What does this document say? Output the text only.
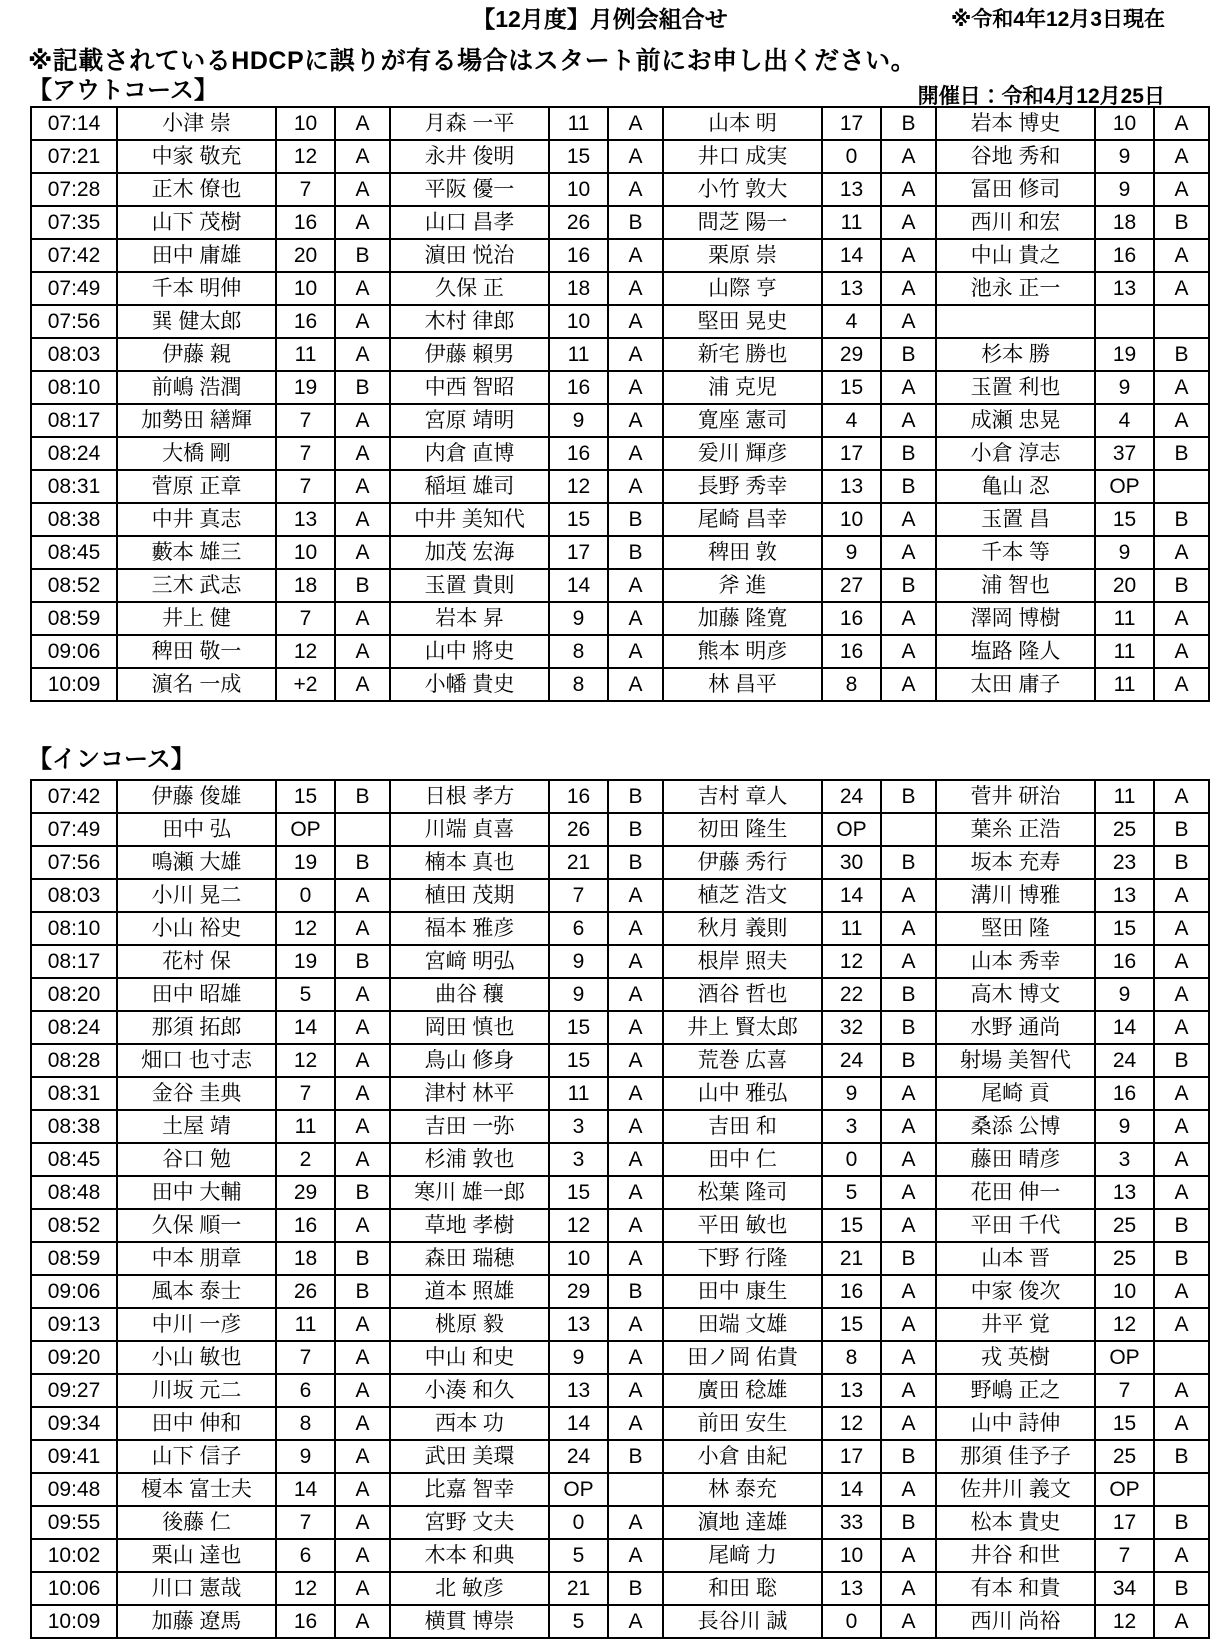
【12月度】月例会組合せ	※令和4年12月3日現在
※記載されているHDCPに誤りが有る場合はスタート前にお申し出ください。
【アウトコース】	開催日：令和4月12月25日
07:14	小津 崇	10	A	月森 一平	11	A	山本 明	17	B	岩本 博史	10	A
07:21	中家 敬充	12	A	永井 俊明	15	A	井口 成実	0	A	谷地 秀和	9	A
07:28	正木 僚也	7	A	平阪 優一	10	A	小竹 敦大	13	A	冨田 修司	9	A
07:35	山下 茂樹	16	A	山口 昌孝	26	B	問芝 陽一	11	A	西川 和宏	18	B
07:42	田中 庸雄	20	B	濵田 悦治	16	A	栗原 崇	14	A	中山 貴之	16	A
07:49	千本 明伸	10	A	久保 正	18	A	山際 亨	13	A	池永 正一	13	A
07:56	巽 健太郎	16	A	木村 律郎	10	A	堅田 晃史	4	A			
08:03	伊藤 親	11	A	伊藤 賴男	11	A	新宅 勝也	29	B	杉本 勝	19	B
08:10	前嶋 浩潤	19	B	中西 智昭	16	A	浦 克児	15	A	玉置 利也	9	A
08:17	加勢田 繕輝	7	A	宮原 靖明	9	A	寛座 憲司	4	A	成瀬 忠晃	4	A
08:24	大橋 剛	7	A	内倉 直博	16	A	爰川 輝彦	17	B	小倉 淳志	37	B
08:31	菅原 正章	7	A	稲垣 雄司	12	A	長野 秀幸	13	B	亀山 忍	OP	
08:38	中井 真志	13	A	中井 美知代	15	B	尾崎 昌幸	10	A	玉置 昌	15	B
08:45	藪本 雄三	10	A	加茂 宏海	17	B	稗田 敦	9	A	千本 等	9	A
08:52	三木 武志	18	B	玉置 貴則	14	A	斧 進	27	B	浦 智也	20	B
08:59	井上 健	7	A	岩本 昇	9	A	加藤 隆寛	16	A	澤岡 博樹	11	A
09:06	稗田 敬一	12	A	山中 將史	8	A	熊本 明彦	16	A	塩路 隆人	11	A
10:09	濵名 一成	+2	A	小幡 貴史	8	A	林 昌平	8	A	太田 庸子	11	A
【インコース】
07:42	伊藤 俊雄	15	B	日根 孝方	16	B	吉村 章人	24	B	菅井 研治	11	A
07:49	田中 弘	OP		川端 貞喜	26	B	初田 隆生	OP		葉糸 正浩	25	B
07:56	鳴瀬 大雄	19	B	楠本 真也	21	B	伊藤 秀行	30	B	坂本 充寿	23	B
08:03	小川 晃二	0	A	植田 茂期	7	A	植芝 浩文	14	A	溝川 博雅	13	A
08:10	小山 裕史	12	A	福本 雅彦	6	A	秋月 義則	11	A	堅田 隆	15	A
08:17	花村 保	19	B	宮﨑 明弘	9	A	根岸 照夫	12	A	山本 秀幸	16	A
08:20	田中 昭雄	5	A	曲谷 穰	9	A	酒谷 哲也	22	B	高木 博文	9	A
08:24	那須 拓郎	14	A	岡田 慎也	15	A	井上 賢太郎	32	B	水野 通尚	14	A
08:28	畑口 也寸志	12	A	鳥山 修身	15	A	荒巻 広喜	24	B	射場 美智代	24	B
08:31	金谷 圭典	7	A	津村 林平	11	A	山中 雅弘	9	A	尾崎 貢	16	A
08:38	土屋 靖	11	A	吉田 一弥	3	A	吉田 和	3	A	桑添 公博	9	A
08:45	谷口 勉	2	A	杉浦 敦也	3	A	田中 仁	0	A	藤田 晴彦	3	A
08:48	田中 大輔	29	B	寒川 雄一郎	15	A	松葉 隆司	5	A	花田 伸一	13	A
08:52	久保 順一	16	A	草地 孝樹	12	A	平田 敏也	15	A	平田 千代	25	B
08:59	中本 朋章	18	B	森田 瑞穂	10	A	下野 行隆	21	B	山本 晋	25	B
09:06	風本 泰士	26	B	道本 照雄	29	B	田中 康生	16	A	中家 俊次	10	A
09:13	中川 一彦	11	A	桃原 毅	13	A	田端 文雄	15	A	井平 覚	12	A
09:20	小山 敏也	7	A	中山 和史	9	A	田ノ岡 佑貴	8	A	戎 英樹	OP	
09:27	川坂 元二	6	A	小湊 和久	13	A	廣田 稔雄	13	A	野嶋 正之	7	A
09:34	田中 伸和	8	A	西本 功	14	A	前田 安生	12	A	山中 詩伸	15	A
09:41	山下 信子	9	A	武田 美環	24	B	小倉 由紀	17	B	那須 佳予子	25	B
09:48	榎本 富士夫	14	A	比嘉 智幸	OP		林 泰充	14	A	佐井川 義文	OP	
09:55	後藤 仁	7	A	宮野 文夫	0	A	濵地 達雄	33	B	松本 貴史	17	B
10:02	栗山 達也	6	A	木本 和典	5	A	尾﨑 力	10	A	井谷 和世	7	A
10:06	川口 憲哉	12	A	北 敏彦	21	B	和田 聡	13	A	有本 和貴	34	B
10:09	加藤 遼馬	16	A	横貫 博崇	5	A	長谷川 誠	0	A	西川 尚裕	12	A
